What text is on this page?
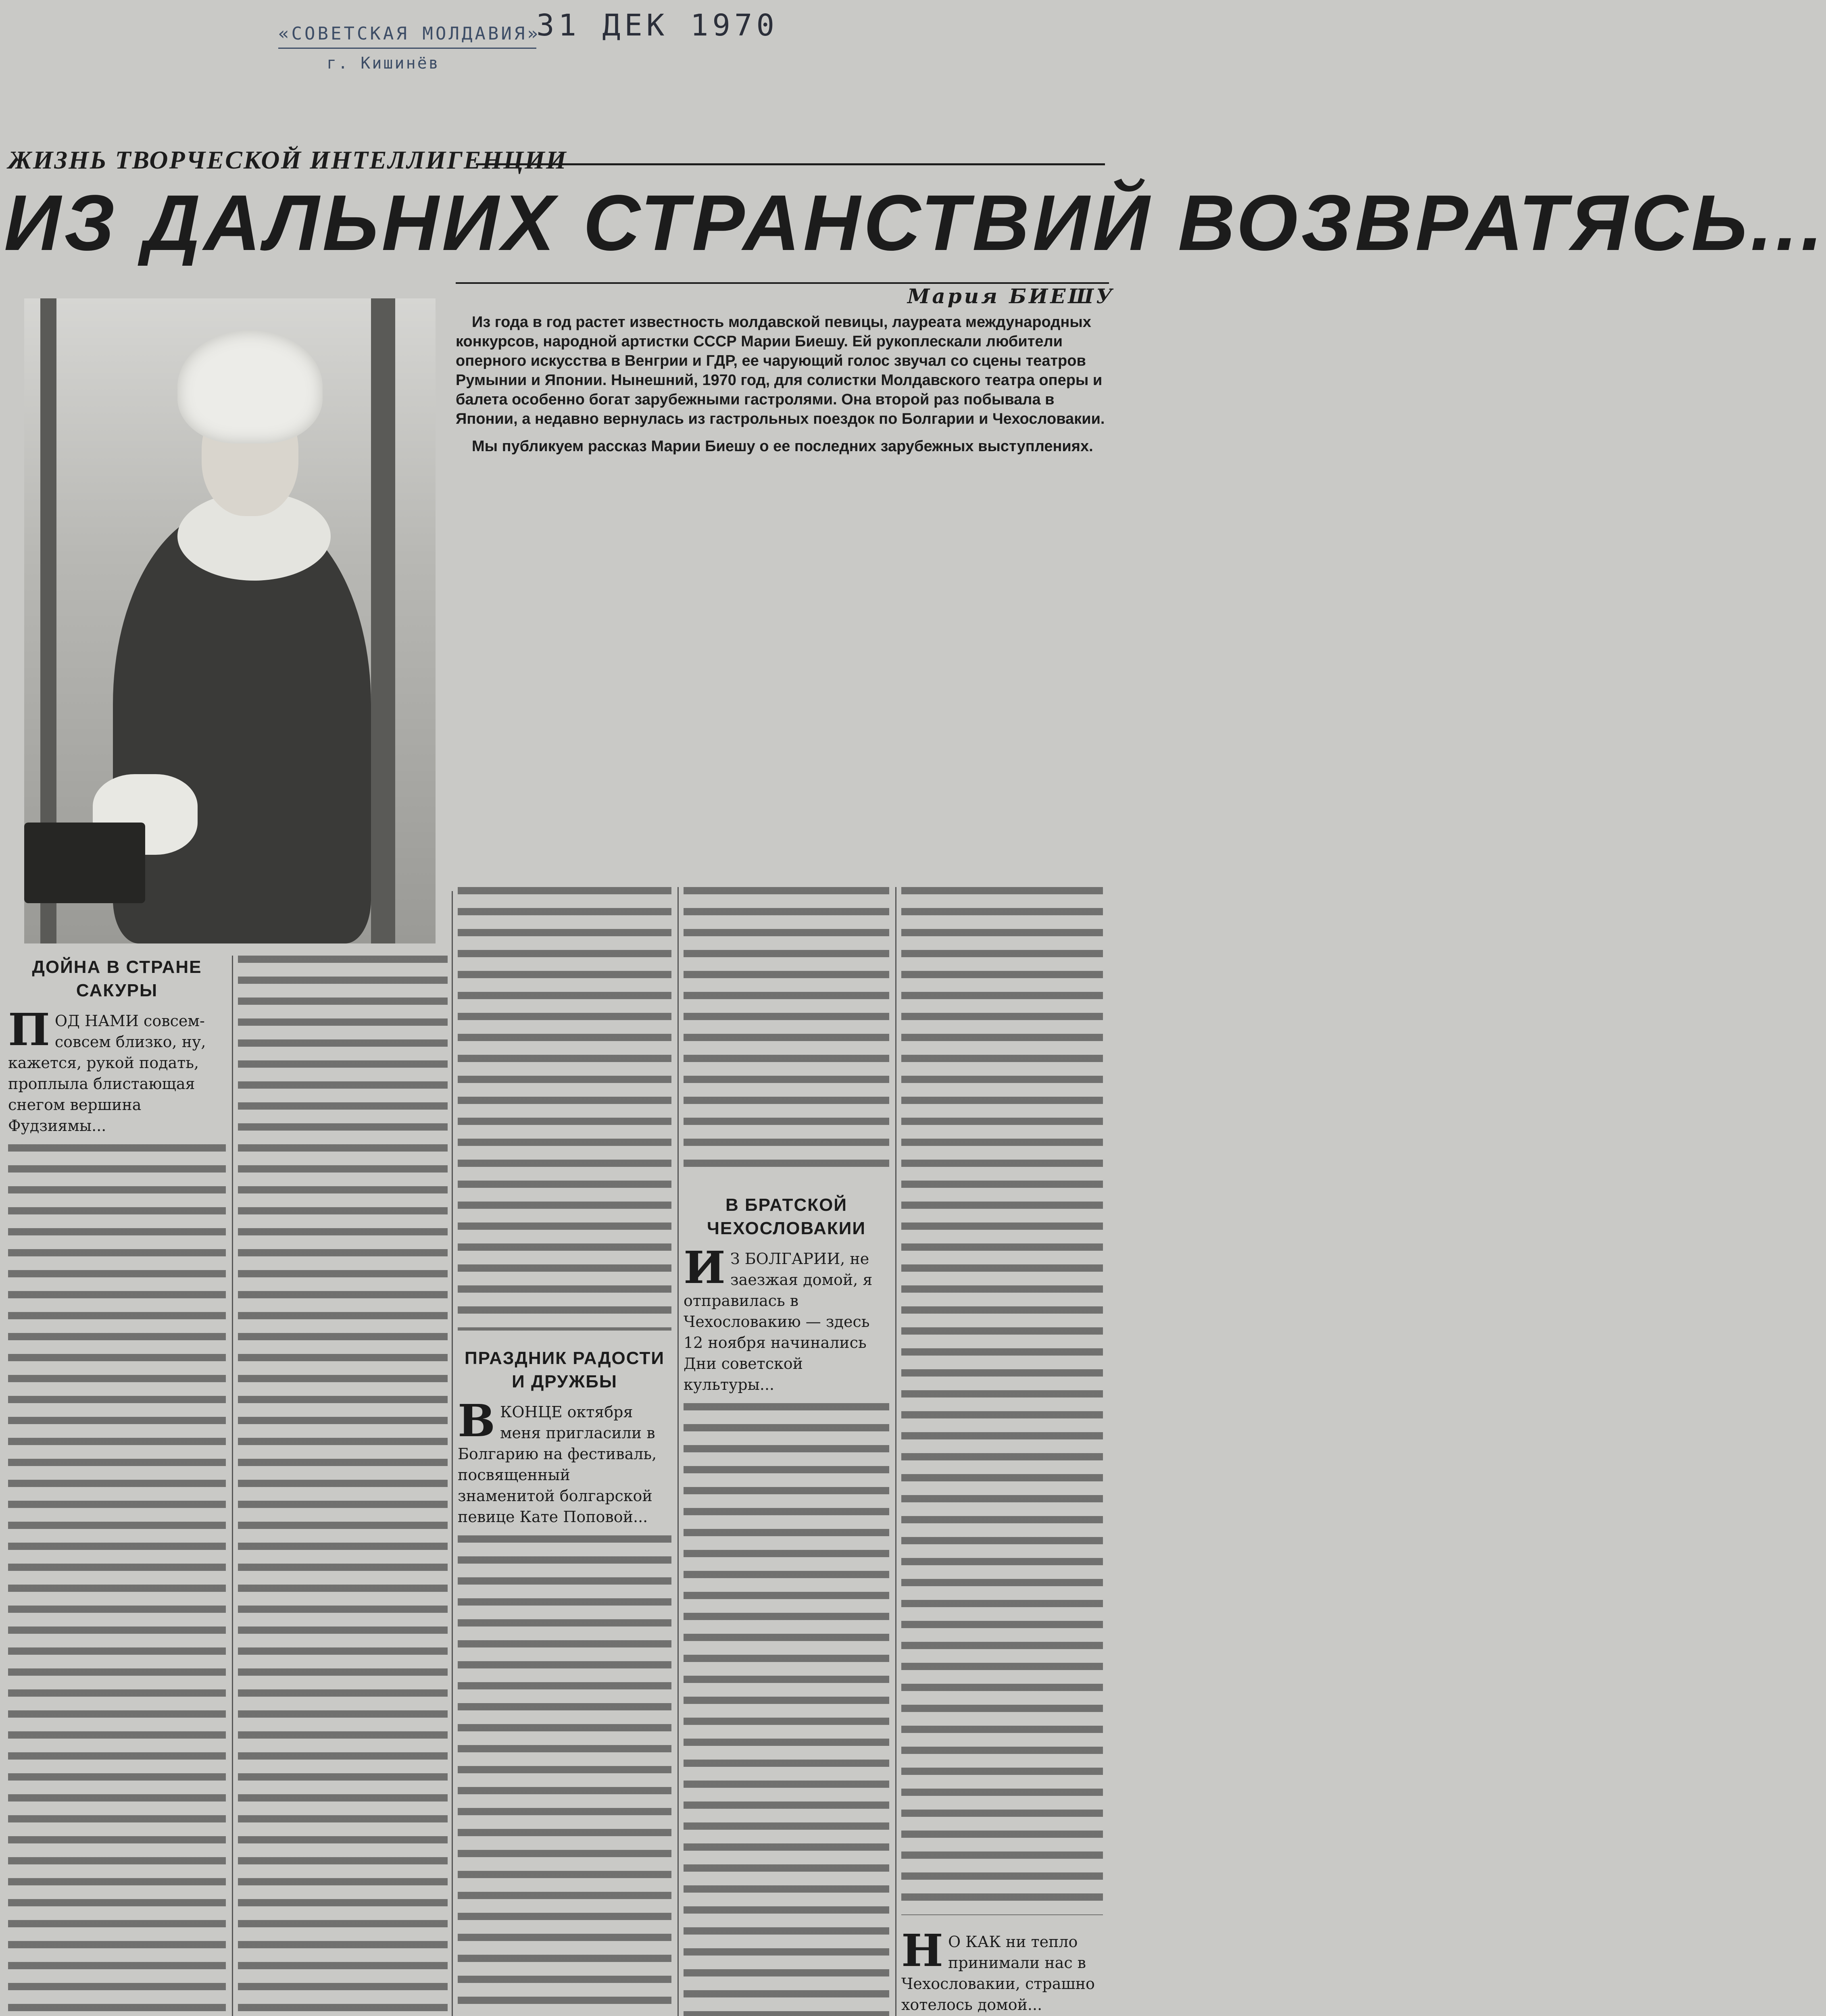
«СОВЕТСКАЯ МОЛДАВИЯ»
г. Кишинёв
31 ДЕК 1970
ЖИЗНЬ ТВОРЧЕСКОЙ ИНТЕЛЛИГЕНЦИИ
ИЗ ДАЛЬНИХ СТРАНСТВИЙ ВОЗВРАТЯСЬ...
Мария БИЕШУ

Из года в год растет известность молдавской певицы, лауреата международных конкурсов, народной артистки СССР Марии Биешу. Ей рукоплескали любители оперного искусства в Венгрии и ГДР, ее чарующий голос звучал со сцены театров Румынии и Японии. Нынешний, 1970 год, для солистки Молдавского театра оперы и балета особенно богат зарубежными гастролями. Она второй раз побывала в Японии, а недавно вернулась из гастрольных поездок по Болгарии и Чехословакии.

Мы публикуем рассказ Марии Биешу о ее последних зарубежных выступлениях.

ДОЙНА В СТРАНЕ САКУРЫ

П ОД НАМИ совсем-совсем близко, ну, кажется, рукой подать, проплыла блистающая снегом вершина Фудзиямы...

ПРАЗДНИК РАДОСТИ И ДРУЖБЫ

В КОНЦЕ октября меня пригласили в Болгарию на фестиваль, посвященный знаменитой болгарской певице Кате Поповой...

В БРАТСКОЙ ЧЕХОСЛОВАКИИ

И З БОЛГАРИИ, не заезжая домой, я отправилась в Чехословакию — здесь 12 ноября начинались Дни советской культуры...

Н О КАК ни тепло принимали нас в Чехословакии, страшно хотелось домой...
